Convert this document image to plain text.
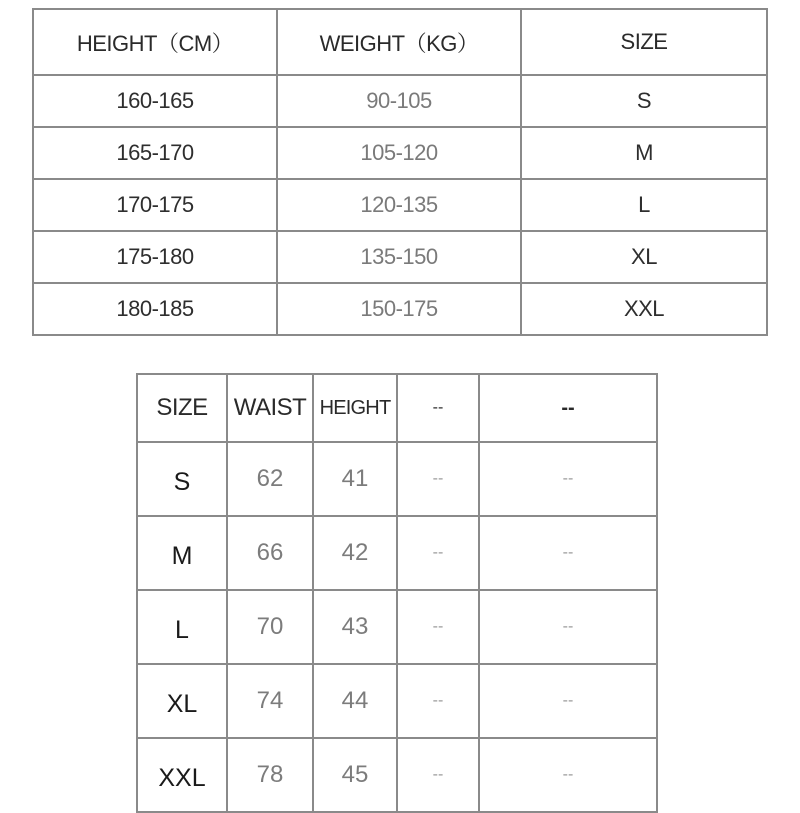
HEIGHT（CM）	WEIGHT（KG）	SIZE
160-165	90-105	S
165-170	105-120	M
170-175	120-135	L
175-180	135-150	XL
180-185	150-175	XXL
SIZE	WAIST	HEIGHT	--	--
S	62	41	--	--
M	66	42	--	--
L	70	43	--	--
XL	74	44	--	--
XXL	78	45	--	--
